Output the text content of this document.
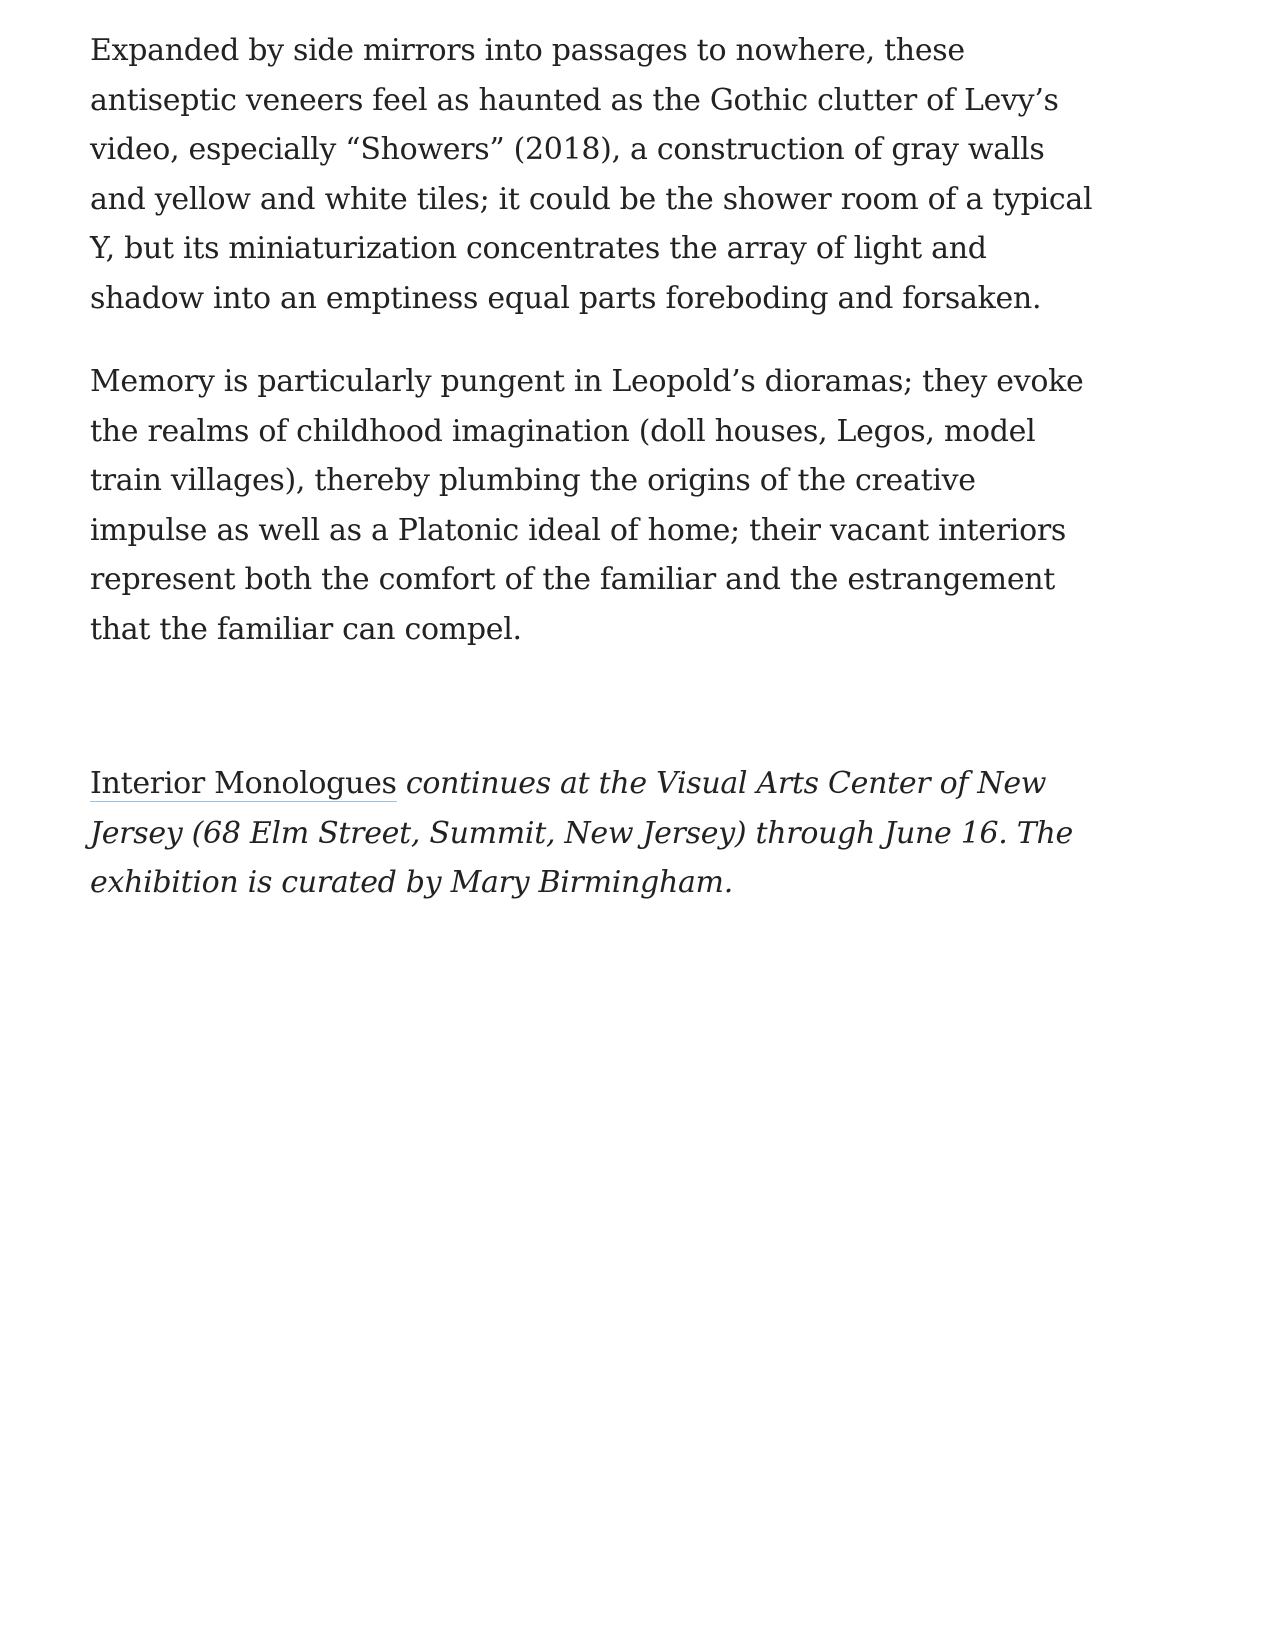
Expanded by side mirrors into passages to nowhere, these antiseptic veneers feel as haunted as the Gothic clutter of Levy’s video, especially “Showers” (2018), a construction of gray walls and yellow and white tiles; it could be the shower room of a typical Y, but its miniaturization concentrates the array of light and shadow into an emptiness equal parts foreboding and forsaken.

Memory is particularly pungent in Leopold’s dioramas; they evoke the realms of childhood imagination (doll houses, Legos, model train villages), thereby plumbing the origins of the creative impulse as well as a Platonic ideal of home; their vacant interiors represent both the comfort of the familiar and the estrangement that the familiar can compel.

Interior Monologues continues at the Visual Arts Center of New Jersey (68 Elm Street, Summit, New Jersey) through June 16. The exhibition is curated by Mary Birmingham.
